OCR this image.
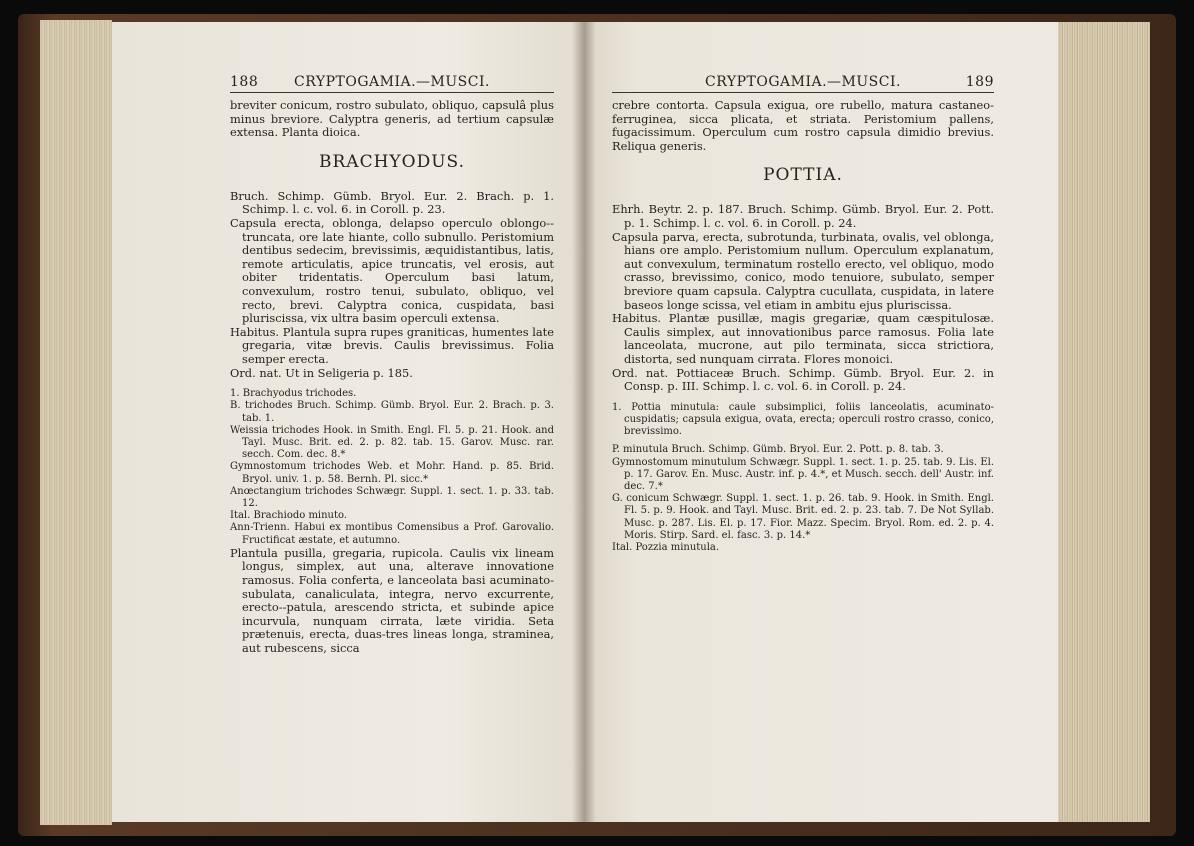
188	CRYPTOGAMIA.—MUSCI.

breviter conicum, rostro subulato, obliquo, capsulâ plus minus breviore. Calyptra generis, ad tertium capsulæ extensa. Planta dioica.

BRACHYODUS.

Bruch. Schimp. Gümb. Bryol. Eur. 2. Brach. p. 1. Schimp. l. c. vol. 6. in Coroll. p. 23.

Capsula erecta, oblonga, delapso operculo oblongo--truncata, ore late hiante, collo subnullo. Peristomium dentibus sedecim, brevissimis, æquidistantibus, latis, remote articulatis, apice truncatis, vel erosis, aut obiter tridentatis. Operculum basi latum, convexulum, rostro tenui, subulato, obliquo, vel recto, brevi. Calyptra conica, cuspidata, basi pluriscissa, vix ultra basim operculi extensa.

Habitus. Plantula supra rupes graniticas, humentes late gregaria, vitæ brevis. Caulis brevissimus. Folia semper erecta.

Ord. nat. Ut in Seligeria p. 185.

1. Brachyodus trichodes.

B. trichodes Bruch. Schimp. Gümb. Bryol. Eur. 2. Brach. p. 3. tab. 1.

Weissia trichodes Hook. in Smith. Engl. Fl. 5. p. 21. Hook. and Tayl. Musc. Brit. ed. 2. p. 82. tab. 15. Garov. Musc. rar. secch. Com. dec. 8.*

Gymnostomum trichodes Web. et Mohr. Hand. p. 85. Brid. Bryol. univ. 1. p. 58. Bernh. Pl. sicc.*

Anœctangium trichodes Schwægr. Suppl. 1. sect. 1. p. 33. tab. 12.

Ital. Brachiodo minuto.

Ann-Trienn. Habui ex montibus Comensibus a Prof. Garovalio. Fructificat æstate, et autumno.

Plantula pusilla, gregaria, rupicola. Caulis vix lineam longus, simplex, aut una, alterave innovatione ramosus. Folia conferta, e lanceolata basi acuminato-subulata, canaliculata, integra, nervo excurrente, erecto--patula, arescendo stricta, et subinde apice incurvula, nunquam cirrata, læte viridia. Seta prætenuis, erecta, duas-tres lineas longa, straminea, aut rubescens, sicca

CRYPTOGAMIA.—MUSCI.	189

crebre contorta. Capsula exigua, ore rubello, matura castaneo-ferruginea, sicca plicata, et striata. Peristomium pallens, fugacissimum. Operculum cum rostro capsula dimidio brevius. Reliqua generis.

POTTIA.

Ehrh. Beytr. 2. p. 187. Bruch. Schimp. Gümb. Bryol. Eur. 2. Pott. p. 1. Schimp. l. c. vol. 6. in Coroll. p. 24.

Capsula parva, erecta, subrotunda, turbinata, ovalis, vel oblonga, hians ore amplo. Peristomium nullum. Operculum explanatum, aut convexulum, terminatum rostello erecto, vel obliquo, modo crasso, brevissimo, conico, modo tenuiore, subulato, semper breviore quam capsula. Calyptra cucullata, cuspidata, in latere baseos longe scissa, vel etiam in ambitu ejus pluriscissa.

Habitus. Plantæ pusillæ, magis gregariæ, quam cæspitulosæ. Caulis simplex, aut innovationibus parce ramosus. Folia late lanceolata, mucrone, aut pilo terminata, sicca strictiora, distorta, sed nunquam cirrata. Flores monoici.

Ord. nat. Pottiaceæ Bruch. Schimp. Gümb. Bryol. Eur. 2. in Consp. p. III. Schimp. l. c. vol. 6. in Coroll. p. 24.

1. Pottia minutula: caule subsimplici, foliis lanceolatis, acuminato-cuspidatis; capsula exigua, ovata, erecta; operculi rostro crasso, conico, brevissimo.

P. minutula Bruch. Schimp. Gümb. Bryol. Eur. 2. Pott. p. 8. tab. 3.

Gymnostomum minutulum Schwægr. Suppl. 1. sect. 1. p. 25. tab. 9. Lis. El. p. 17. Garov. En. Musc. Austr. inf. p. 4.*, et Musch. secch. dell' Austr. inf. dec. 7.*

G. conicum Schwægr. Suppl. 1. sect. 1. p. 26. tab. 9. Hook. in Smith. Engl. Fl. 5. p. 9. Hook. and Tayl. Musc. Brit. ed. 2. p. 23. tab. 7. De Not Syllab. Musc. p. 287. Lis. El. p. 17. Fior. Mazz. Specim. Bryol. Rom. ed. 2. p. 4. Moris. Stirp. Sard. el. fasc. 3. p. 14.*

Ital. Pozzia minutula.
